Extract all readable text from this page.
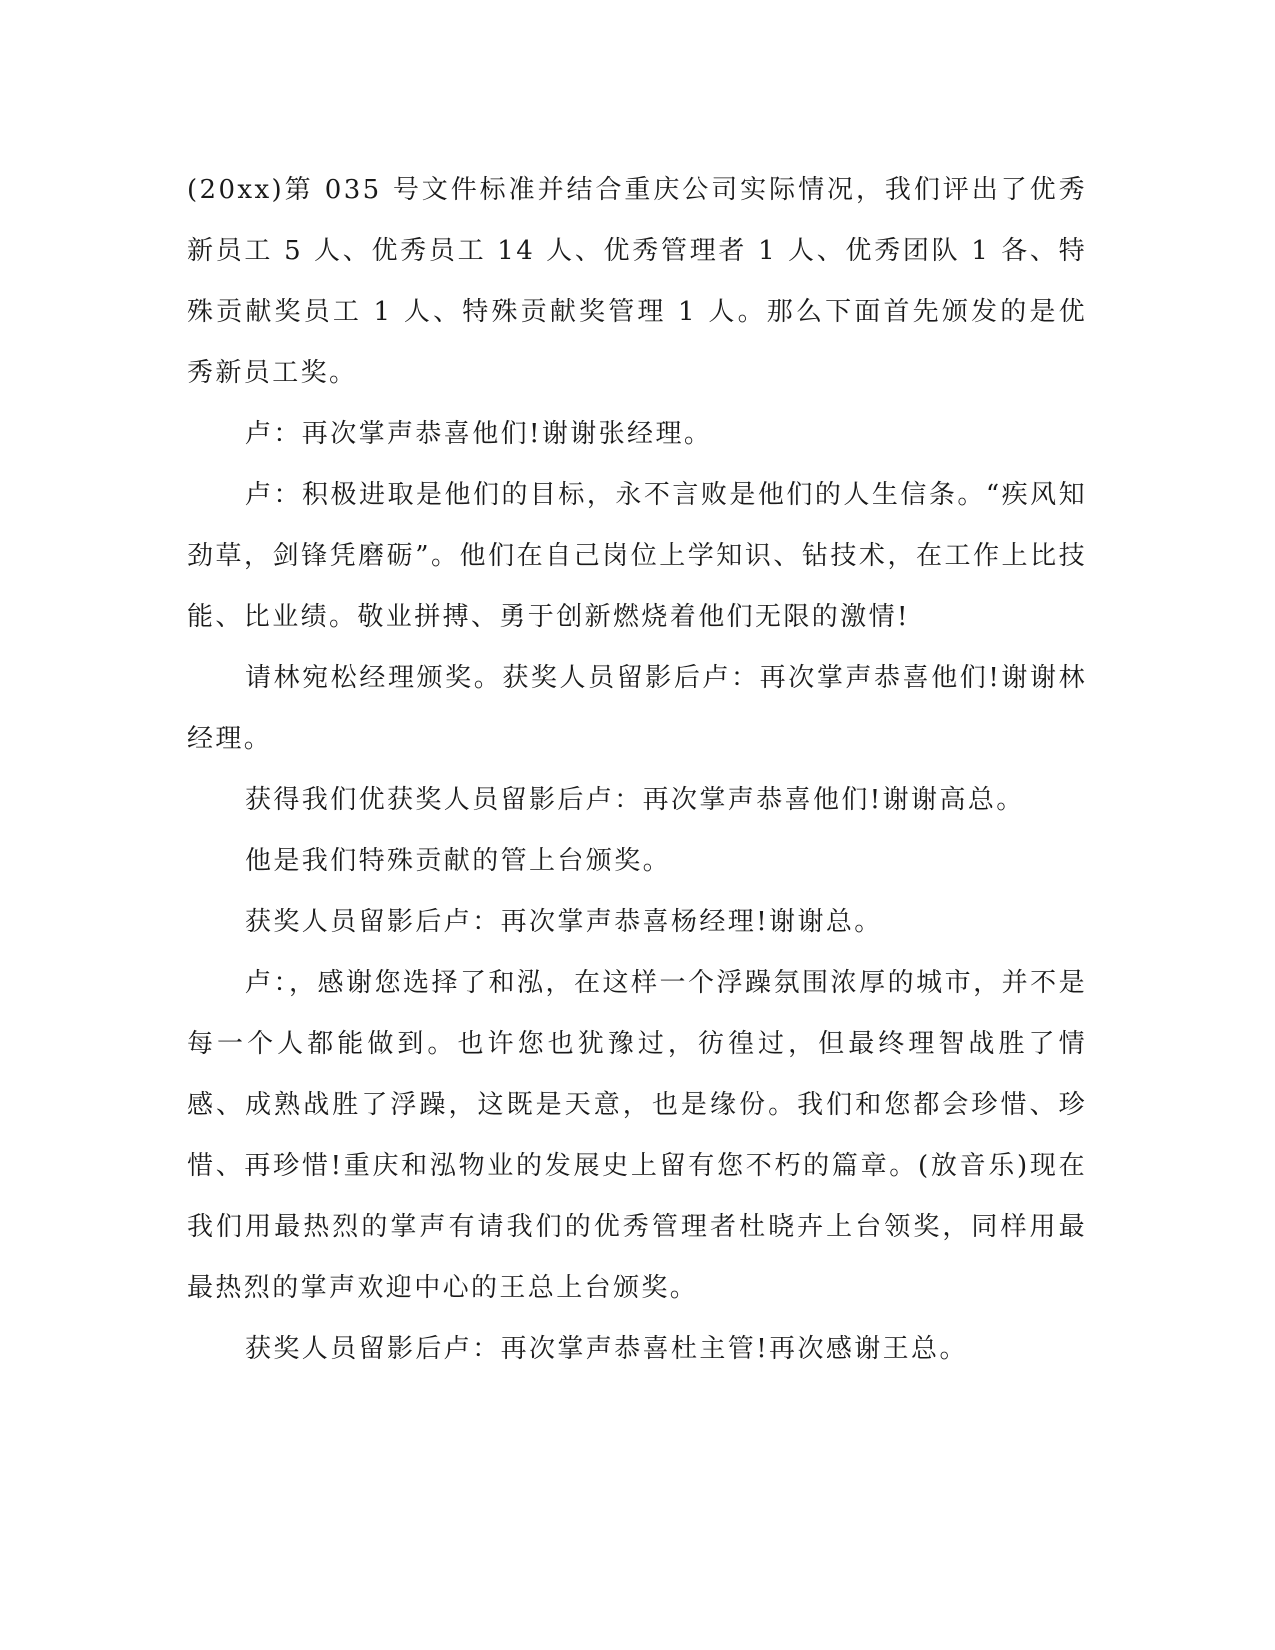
(20xx)第 035 号文件标准并结合重庆公司实际情况，我们评出了优秀新员工 5 人、优秀员工 14 人、优秀管理者 1 人、优秀团队 1 各、特殊贡献奖员工 1 人、特殊贡献奖管理 1 人。那么下面首先颁发的是优秀新员工奖。

卢：再次掌声恭喜他们!谢谢张经理。

卢：积极进取是他们的目标，永不言败是他们的人生信条。“疾风知劲草，剑锋凭磨砺”。他们在自己岗位上学知识、钻技术，在工作上比技能、比业绩。敬业拼搏、勇于创新燃烧着他们无限的激情!

请林宛松经理颁奖。获奖人员留影后卢：再次掌声恭喜他们!谢谢林经理。

获得我们优获奖人员留影后卢：再次掌声恭喜他们!谢谢高总。

他是我们特殊贡献的管上台颁奖。

获奖人员留影后卢：再次掌声恭喜杨经理!谢谢总。

卢：，感谢您选择了和泓，在这样一个浮躁氛围浓厚的城市，并不是每一个人都能做到。也许您也犹豫过，彷徨过，但最终理智战胜了情感、成熟战胜了浮躁，这既是天意，也是缘份。我们和您都会珍惜、珍惜、再珍惜!重庆和泓物业的发展史上留有您不朽的篇章。(放音乐)现在我们用最热烈的掌声有请我们的优秀管理者杜晓卉上台领奖，同样用最最热烈的掌声欢迎中心的王总上台颁奖。

获奖人员留影后卢：再次掌声恭喜杜主管!再次感谢王总。
